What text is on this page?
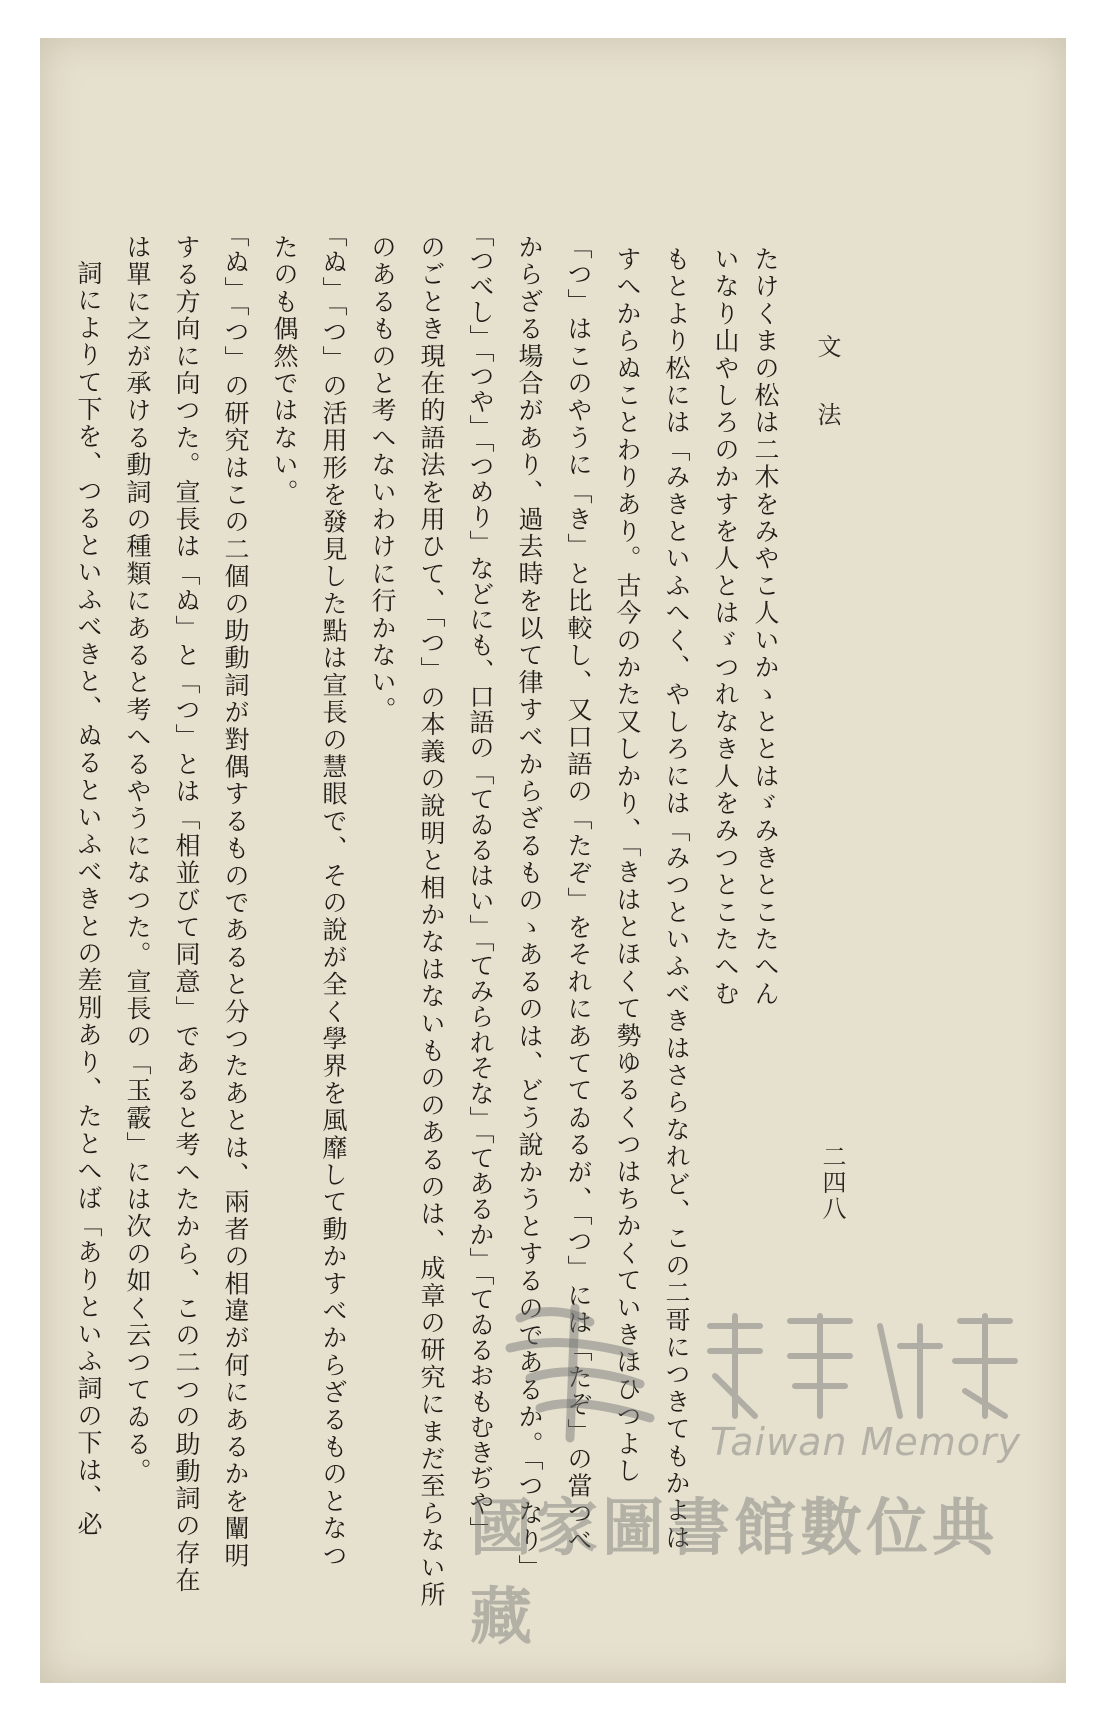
文法
二四八
たけくまの松は二木をみやこ人いかゝととはゞみきとこたへん
いなり山やしろのかすを人とはゞつれなき人をみつとこたへむ
もとより松には「みきといふへく、やしろには「みつといふべきはさらなれど、この二哥につきてもかよは
すへからぬことわりあり。古今のかた又しかり、「きはとほくて勢ゆるくつはちかくていきほひつよし
「つ」はこのやうに「き」と比較し、又口語の「たぞ」をそれにあててゐるが、「つ」には「たぞ」の當つべ
からざる場合があり、過去時を以て律すべからざるものゝあるのは、どう說かうとするのであるか。「つなり」
「つべし」「つや」「つめり」などにも、口語の「てゐるはい」「てみられそな」「てあるか」「てゐるおもむきぢや」
のごとき現在的語法を用ひて、「つ」の本義の說明と相かなはないもののあるのは、成章の研究にまだ至らない所
のあるものと考へないわけに行かない。
「ぬ」「つ」の活用形を發見した點は宣長の慧眼で、その說が全く學界を風靡して動かすべからざるものとなつ
たのも偶然ではない。
「ぬ」「つ」の研究はこの二個の助動詞が對偶するものであると分つたあとは、兩者の相違が何にあるかを闡明
する方向に向つた。宣長は「ぬ」と「つ」とは「相並びて同意」であると考へたから、この二つの助動詞の存在
は單に之が承ける動詞の種類にあると考へるやうになつた。宣長の「玉霰」には次の如く云つてゐる。
詞によりて下を、つるといふべきと、ぬるといふべきとの差別あり、たとへば「ありといふ詞の下は、必	Taiwan Memory
國家圖書館數位典藏
